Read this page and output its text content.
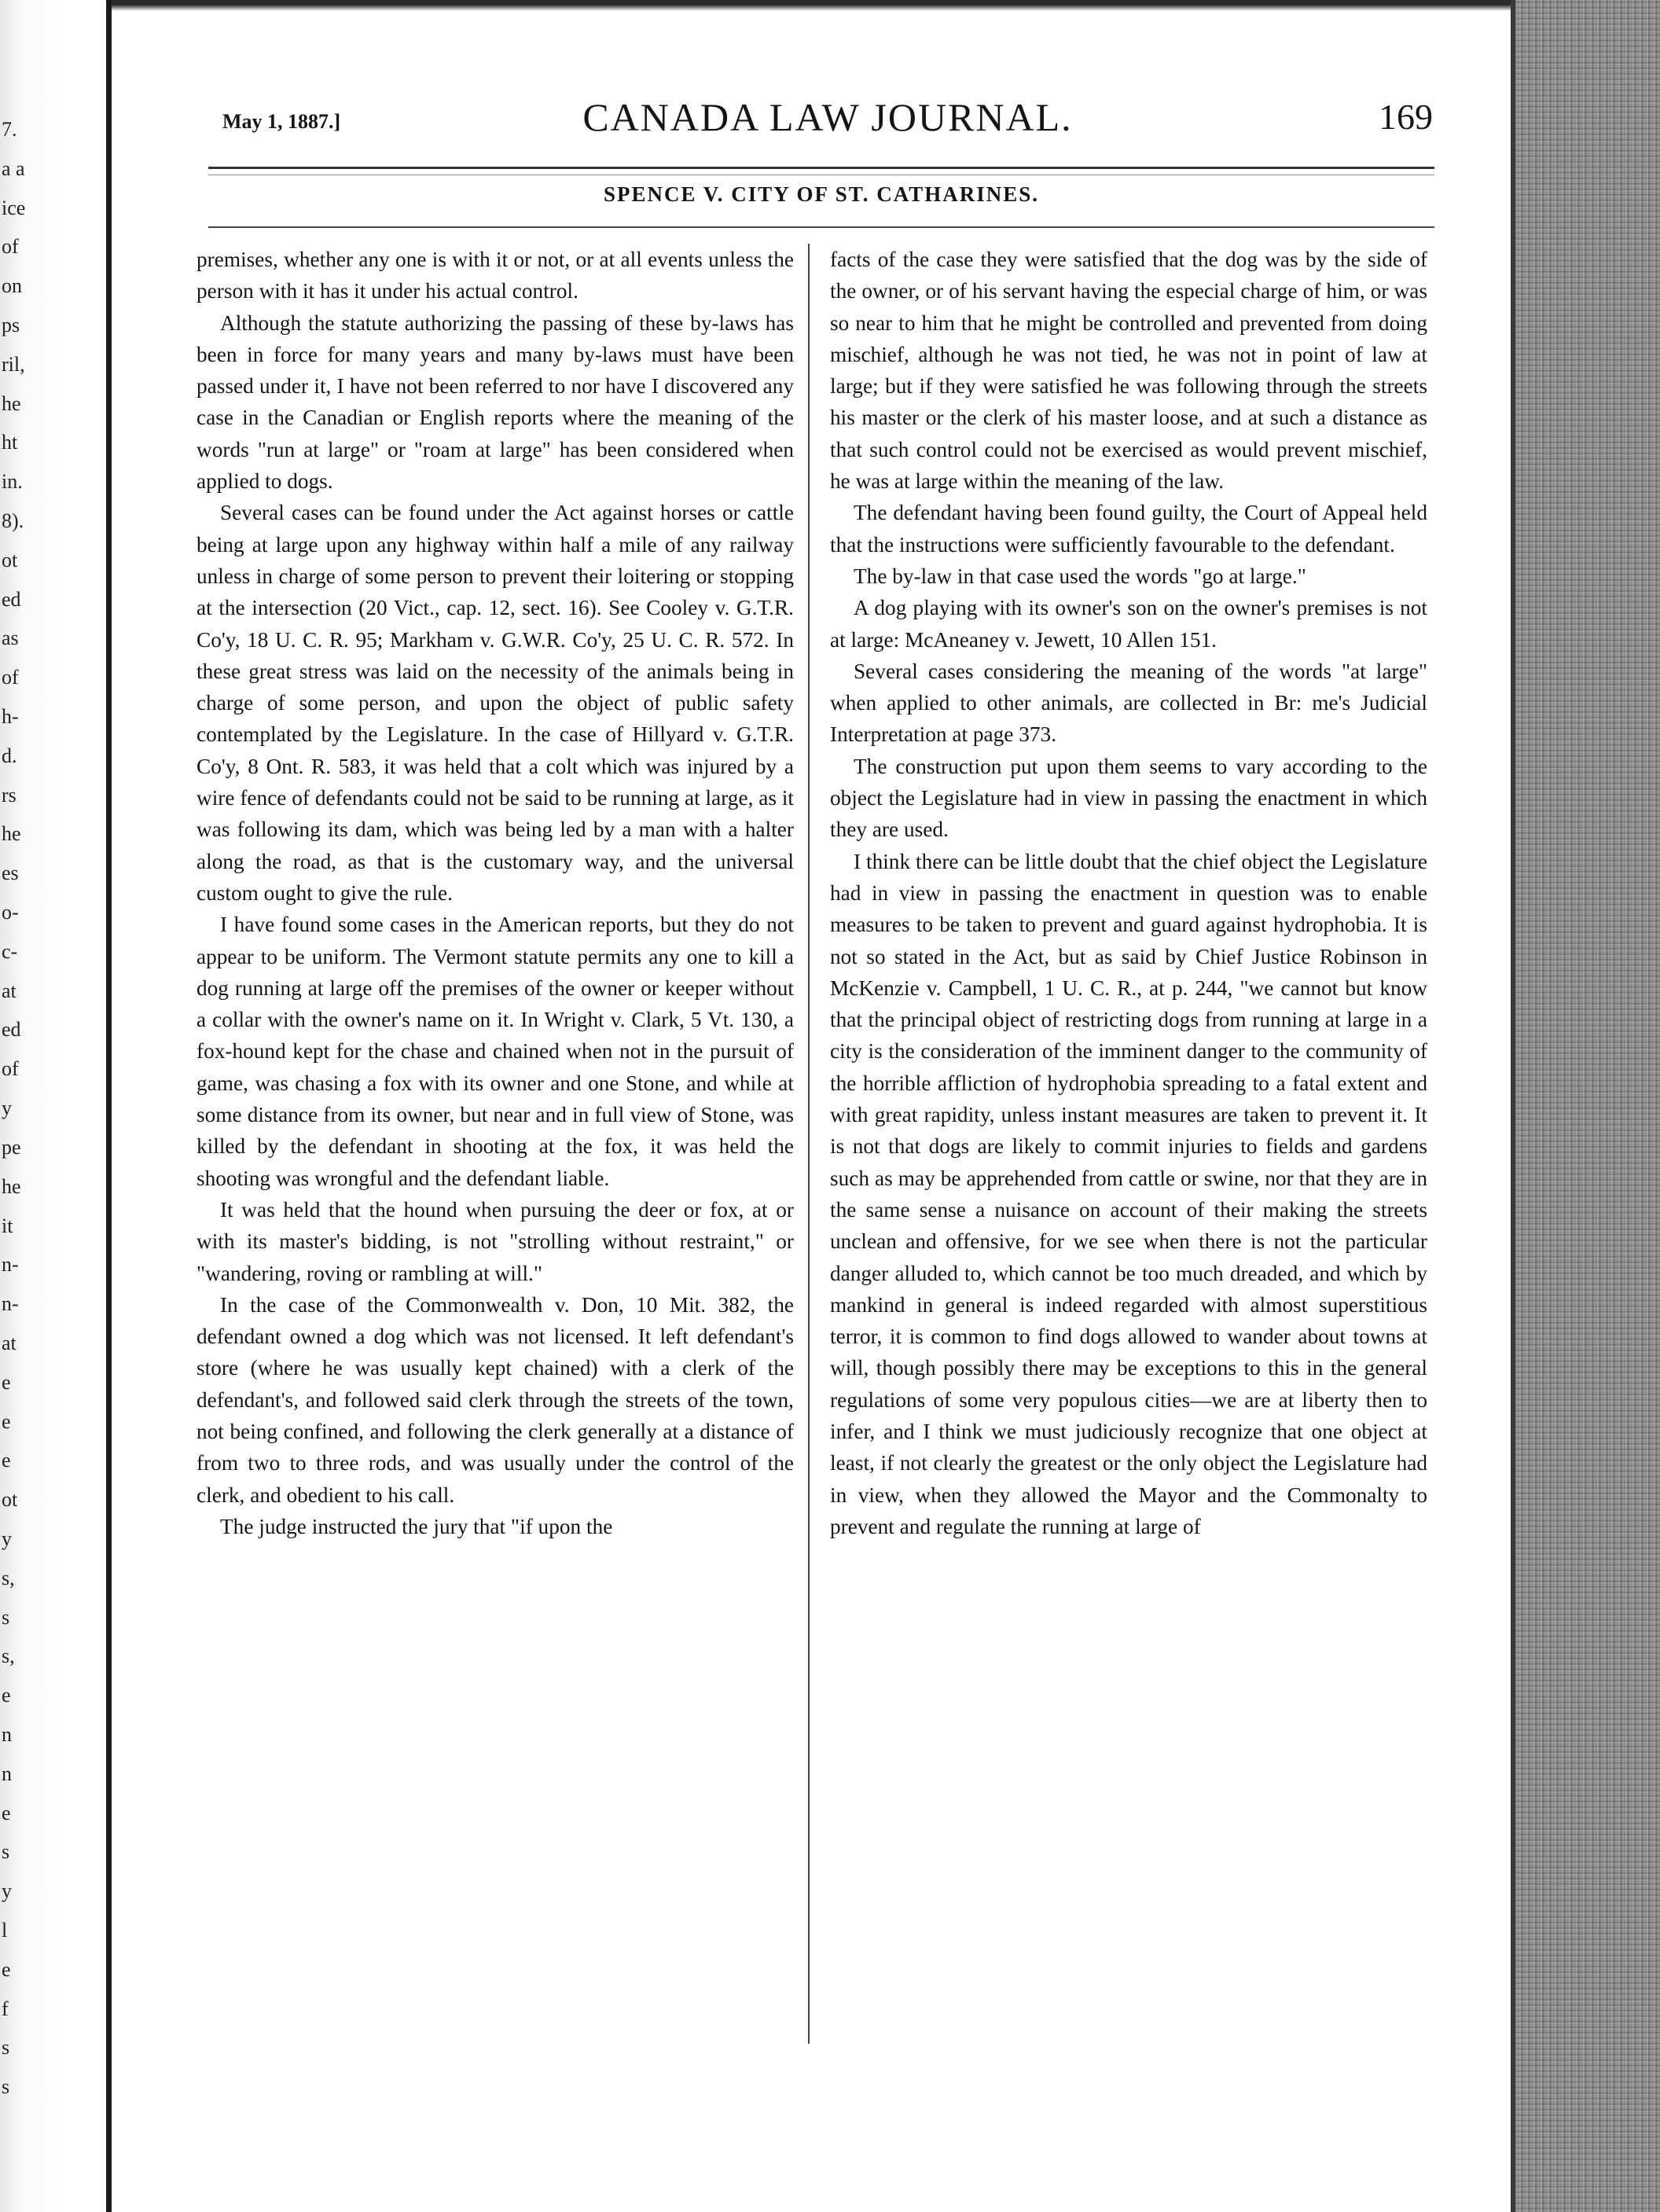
7.
a a
ice
of
on
ps
ril,
he
ht
in.
8).
ot
ed
as
of
h-
d.
rs
he
es
o-
c-
at
ed
of
y
pe
he
it
n-
n-
at
e
e
e
ot
y
s,
s
s,
e
n
n
e
s
y
l
e
f
s
s
May 1, 1887.]	CANADA LAW JOURNAL.	169
SPENCE V. CITY OF ST. CATHARINES.

premises, whether any one is with it or not, or at all events unless the person with it has it under his actual control.

Although the statute authorizing the passing of these by-laws has been in force for many years and many by-laws must have been passed under it, I have not been referred to nor have I discovered any case in the Canadian or English reports where the meaning of the words "run at large" or "roam at large" has been considered when applied to dogs.

Several cases can be found under the Act against horses or cattle being at large upon any highway within half a mile of any railway unless in charge of some person to prevent their loitering or stopping at the intersection (20 Vict., cap. 12, sect. 16). See Cooley v. G.T.R. Co'y, 18 U. C. R. 95; Markham v. G.W.R. Co'y, 25 U. C. R. 572. In these great stress was laid on the necessity of the animals being in charge of some person, and upon the object of public safety contemplated by the Legislature. In the case of Hillyard v. G.T.R. Co'y, 8 Ont. R. 583, it was held that a colt which was injured by a wire fence of defendants could not be said to be running at large, as it was following its dam, which was being led by a man with a halter along the road, as that is the customary way, and the universal custom ought to give the rule.

I have found some cases in the American reports, but they do not appear to be uniform. The Vermont statute permits any one to kill a dog running at large off the premises of the owner or keeper without a collar with the owner's name on it. In Wright v. Clark, 5 Vt. 130, a fox-hound kept for the chase and chained when not in the pursuit of game, was chasing a fox with its owner and one Stone, and while at some distance from its owner, but near and in full view of Stone, was killed by the defendant in shooting at the fox, it was held the shooting was wrongful and the defendant liable.

It was held that the hound when pursuing the deer or fox, at or with its master's bidding, is not "strolling without restraint," or "wandering, roving or rambling at will."

In the case of the Commonwealth v. Don, 10 Mit. 382, the defendant owned a dog which was not licensed. It left defendant's store (where he was usually kept chained) with a clerk of the defendant's, and followed said clerk through the streets of the town, not being confined, and following the clerk generally at a distance of from two to three rods, and was usually under the control of the clerk, and obedient to his call.

The judge instructed the jury that "if upon the

facts of the case they were satisfied that the dog was by the side of the owner, or of his servant having the especial charge of him, or was so near to him that he might be controlled and prevented from doing mischief, although he was not tied, he was not in point of law at large; but if they were satisfied he was following through the streets his master or the clerk of his master loose, and at such a distance as that such control could not be exercised as would prevent mischief, he was at large within the meaning of the law.

The defendant having been found guilty, the Court of Appeal held that the instructions were sufficiently favourable to the defendant.

The by-law in that case used the words "go at large."

A dog playing with its owner's son on the owner's premises is not at large: McAneaney v. Jewett, 10 Allen 151.

Several cases considering the meaning of the words "at large" when applied to other animals, are collected in Br: me's Judicial Interpretation at page 373.

The construction put upon them seems to vary according to the object the Legislature had in view in passing the enactment in which they are used.

I think there can be little doubt that the chief object the Legislature had in view in passing the enactment in question was to enable measures to be taken to prevent and guard against hydrophobia. It is not so stated in the Act, but as said by Chief Justice Robinson in McKenzie v. Campbell, 1 U. C. R., at p. 244, "we cannot but know that the principal object of restricting dogs from running at large in a city is the consideration of the imminent danger to the community of the horrible affliction of hydrophobia spreading to a fatal extent and with great rapidity, unless instant measures are taken to prevent it. It is not that dogs are likely to commit injuries to fields and gardens such as may be apprehended from cattle or swine, nor that they are in the same sense a nuisance on account of their making the streets unclean and offensive, for we see when there is not the particular danger alluded to, which cannot be too much dreaded, and which by mankind in general is indeed regarded with almost superstitious terror, it is common to find dogs allowed to wander about towns at will, though possibly there may be exceptions to this in the general regulations of some very populous cities—we are at liberty then to infer, and I think we must judiciously recognize that one object at least, if not clearly the greatest or the only object the Legislature had in view, when they allowed the Mayor and the Commonalty to prevent and regulate the running at large of
